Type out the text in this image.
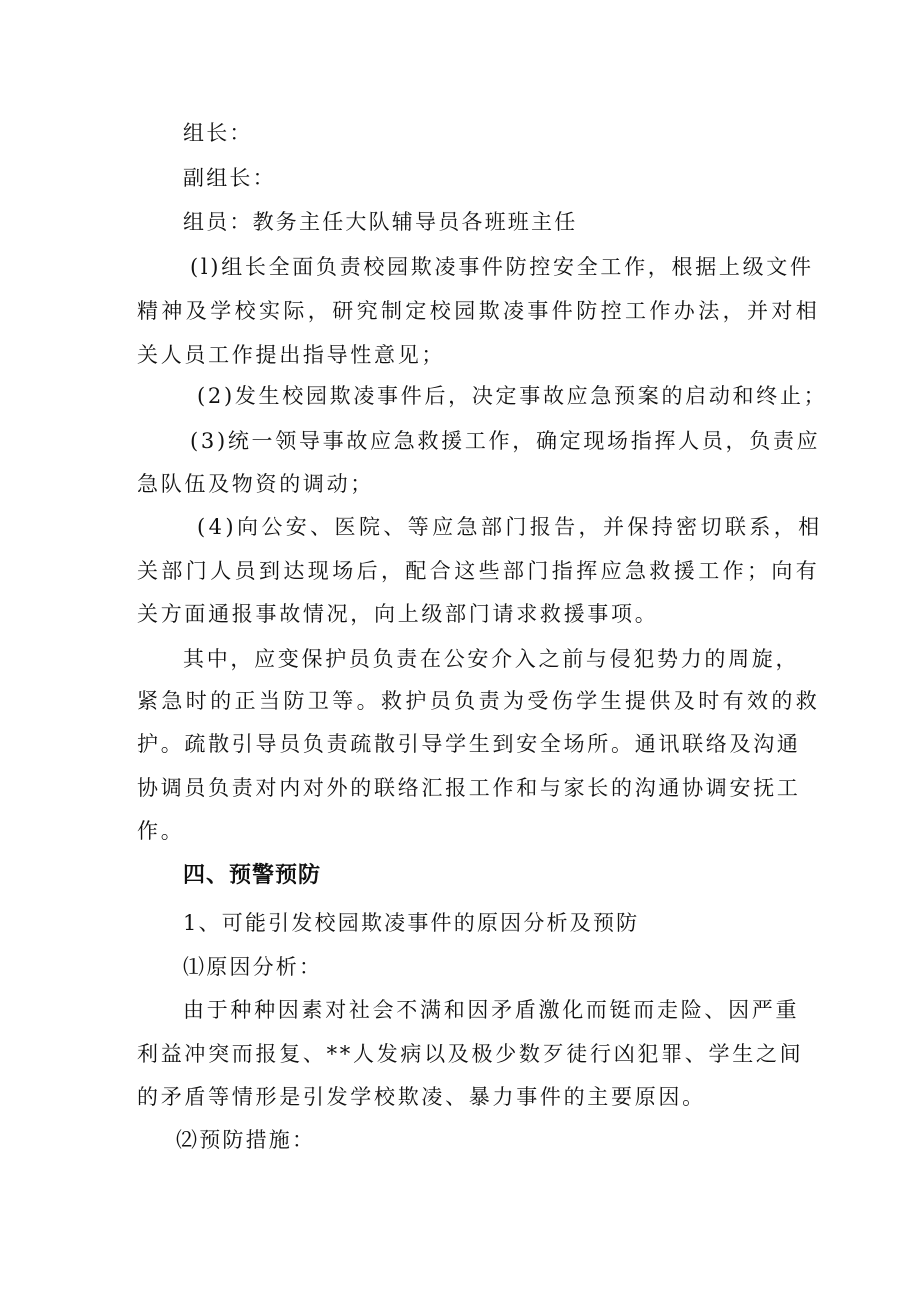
组长：
副组长：
组员：教务主任大队辅导员各班班主任
(l)组长全面负责校园欺凌事件防控安全工作，根据上级文件
精神及学校实际，研究制定校园欺凌事件防控工作办法，并对相
关人员工作提出指导性意见；
(2)发生校园欺凌事件后，决定事故应急预案的启动和终止；
(3)统一领导事故应急救援工作，确定现场指挥人员，负责应
急队伍及物资的调动；
(4)向公安、医院、等应急部门报告，并保持密切联系，相
关部门人员到达现场后，配合这些部门指挥应急救援工作；向有
关方面通报事故情况，向上级部门请求救援事项。
其中，应变保护员负责在公安介入之前与侵犯势力的周旋，
紧急时的正当防卫等。救护员负责为受伤学生提供及时有效的救
护。疏散引导员负责疏散引导学生到安全场所。通讯联络及沟通
协调员负责对内对外的联络汇报工作和与家长的沟通协调安抚工
作。
四、预警预防
1、可能引发校园欺凌事件的原因分析及预防
⑴原因分析：
由于种种因素对社会不满和因矛盾激化而铤而走险、因严重
利益冲突而报复、**人发病以及极少数歹徒行凶犯罪、学生之间
的矛盾等情形是引发学校欺凌、暴力事件的主要原因。
⑵预防措施：
